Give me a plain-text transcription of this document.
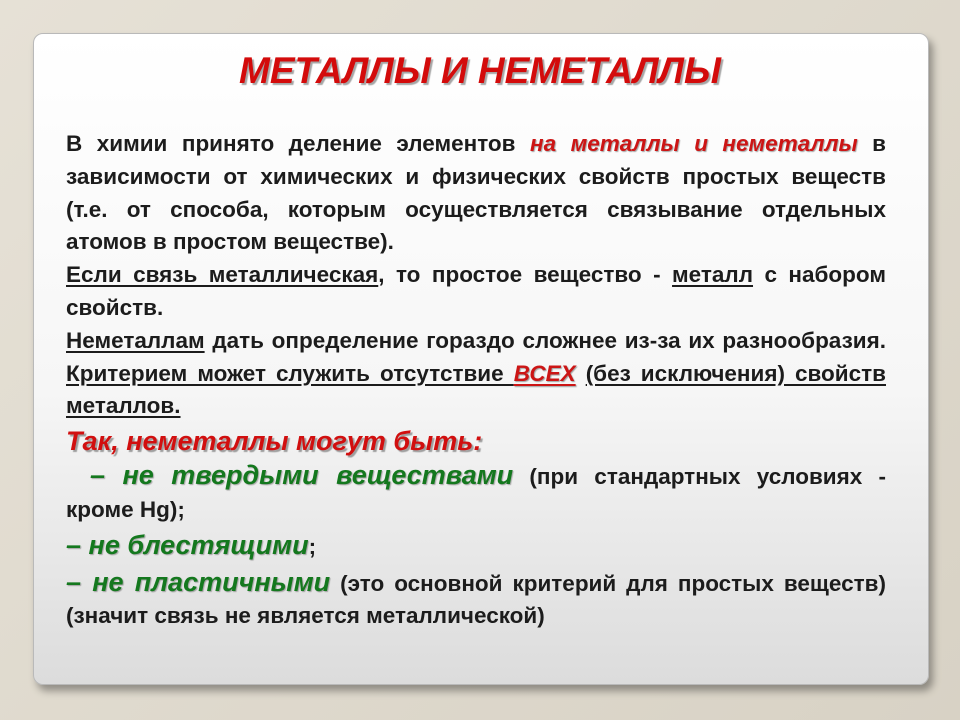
МЕТАЛЛЫ И НЕМЕТАЛЛЫ

В химии принято деление элементов на металлы и неметаллы в зависимости от химических и физических свойств простых веществ (т.е. от способа, которым осуществляется связывание отдельных атомов в простом веществе).

Если связь металлическая, то простое вещество - металл с набором свойств.

Неметаллам дать определение гораздо сложнее из-за их разнообразия. Критерием может служить отсутствие ВСЕХ (без исключения) свойств металлов.

Так, неметаллы могут быть:

– не твердыми веществами (при стандартных условиях - кроме Hg);

– не блестящими;

– не пластичными (это основной критерий для простых веществ) (значит связь не является металлической)
